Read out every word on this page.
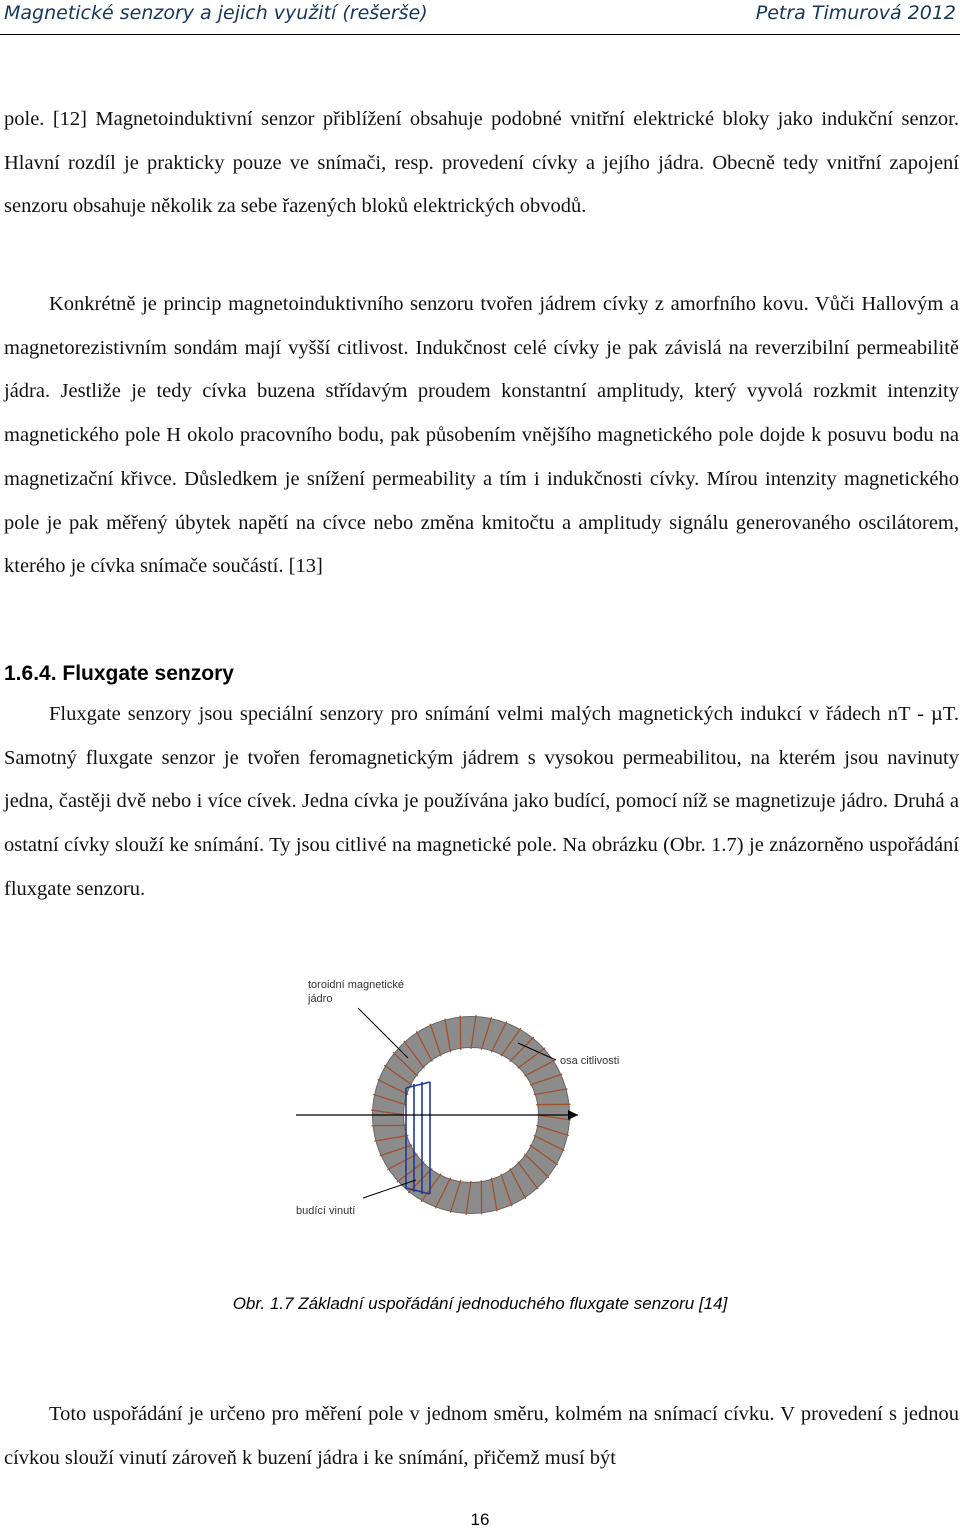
Magnetické senzory a jejich využití (rešerše)	Petra Timurová 2012
pole. [12] Magnetoinduktivní senzor přiblížení obsahuje podobné vnitřní elektrické bloky jako indukční senzor. Hlavní rozdíl je prakticky pouze ve snímači, resp. provedení cívky a jejího jádra. Obecně tedy vnitřní zapojení senzoru obsahuje několik za sebe řazených bloků elektrických obvodů.
Konkrétně je princip magnetoinduktivního senzoru tvořen jádrem cívky z amorfního kovu. Vůči Hallovým a magnetorezistivním sondám mají vyšší citlivost. Indukčnost celé cívky je pak závislá na reverzibilní permeabilitě jádra. Jestliže je tedy cívka buzena střídavým proudem konstantní amplitudy, který vyvolá rozkmit intenzity magnetického pole H okolo pracovního bodu, pak působením vnějšího magnetického pole dojde k posuvu bodu na magnetizační křivce. Důsledkem je snížení permeability a tím i indukčnosti cívky. Mírou intenzity magnetického pole je pak měřený úbytek napětí na cívce nebo změna kmitočtu a amplitudy signálu generovaného oscilátorem, kterého je cívka snímače součástí. [13]
1.6.4. Fluxgate senzory
Fluxgate senzory jsou speciální senzory pro snímání velmi malých magnetických indukcí v řádech nT - µT. Samotný fluxgate senzor je tvořen feromagnetickým jádrem s vysokou permeabilitou, na kterém jsou navinuty jedna, častěji dvě nebo i více cívek. Jedna cívka je používána jako budící, pomocí níž se magnetizuje jádro. Druhá a ostatní cívky slouží ke snímání. Ty jsou citlivé na magnetické pole. Na obrázku (Obr. 1.7) je znázorněno uspořádání fluxgate senzoru.
toroidní magnetické
jádro
osa citlivosti
budící vinutí
Obr. 1.7 Základní uspořádání jednoduchého fluxgate senzoru [14]
Toto uspořádání je určeno pro měření pole v jednom směru, kolmém na snímací cívku. V provedení s jednou cívkou slouží vinutí zároveň k buzení jádra i ke snímání, přičemž musí být
16
